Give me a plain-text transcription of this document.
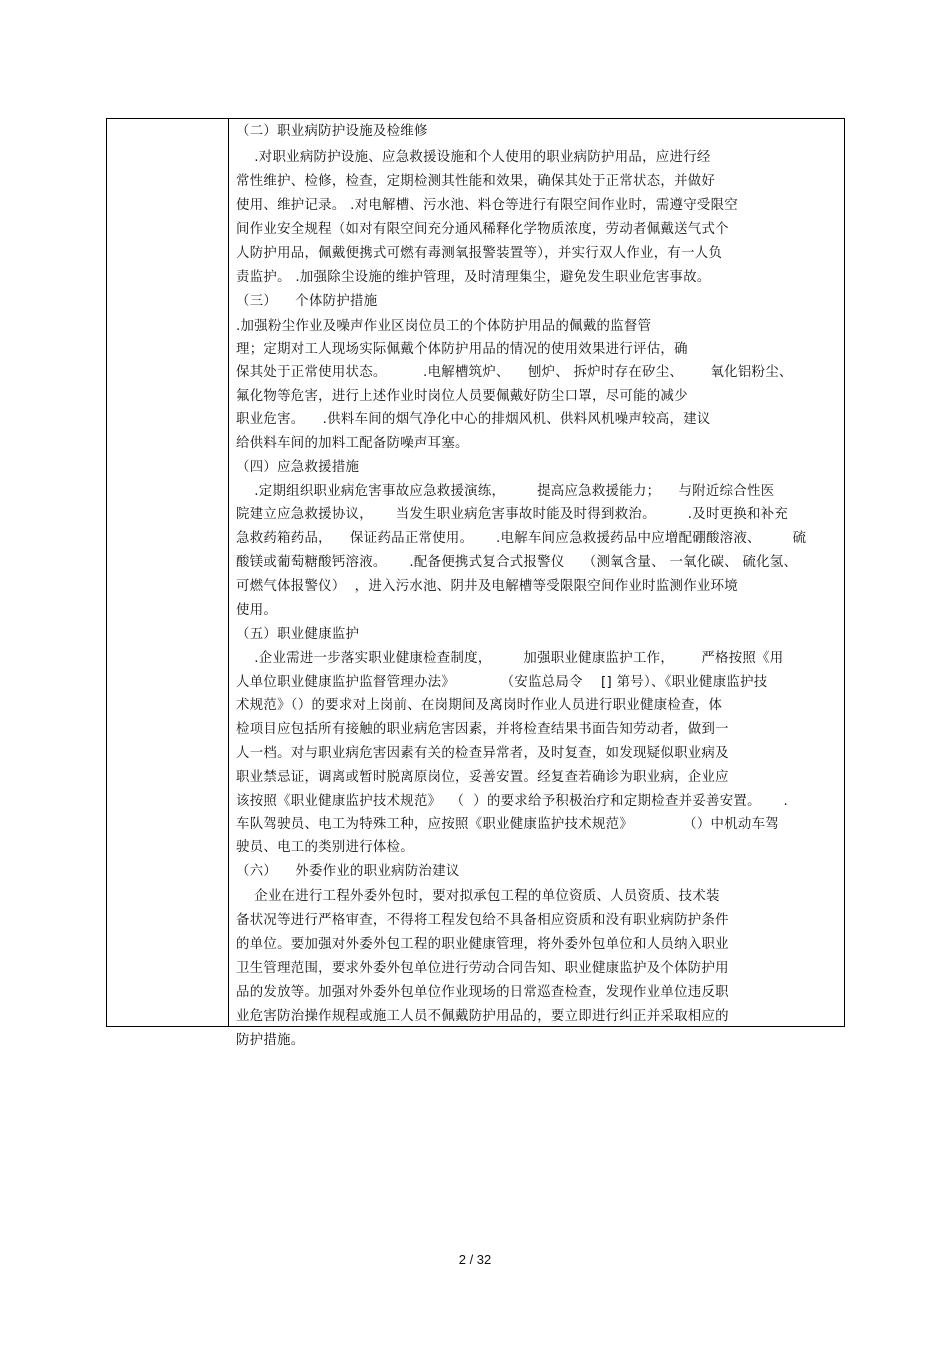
（二）职业病防护设施及检维修
.对职业病防护设施、应急救援设施和个人使用的职业病防护用品，应进行经
常性维护、检修，检查，定期检测其性能和效果，确保其处于正常状态，并做好
使用、维护记录。 .对电解槽、污水池、料仓等进行有限空间作业时，需遵守受限空
间作业安全规程（如对有限空间充分通风稀释化学物质浓度，劳动者佩戴送气式个
人防护用品，佩戴便携式可燃有毒测氧报警装置等），并实行双人作业，有一人负
责监护。 .加强除尘设施的维护管理，及时清理集尘，避免发生职业危害事故。
（三）    个体防护措施
.加强粉尘作业及噪声作业区岗位员工的个体防护用品的佩戴的监督管
理；定期对工人现场实际佩戴个体防护用品的情况的使用效果进行评估，确
保其处于正常使用状态。        .电解槽筑炉、    刨炉、 拆炉时存在矽尘、      氧化铝粉尘、
氟化物等危害，进行上述作业时岗位人员要佩戴好防尘口罩，尽可能的减少
职业危害。    .供料车间的烟气净化中心的排烟风机、供料风机噪声较高，建议
给供料车间的加料工配备防噪声耳塞。
（四）应急救援措施
.定期组织职业病危害事故应急救援演练，       提高应急救援能力；    与附近综合性医
院建立应急救援协议，     当发生职业病危害事故时能及时得到救治。       .及时更换和补充
急救药箱药品，    保证药品正常使用。     .电解车间应急救援药品中应增配硼酸溶液、       硫
酸镁或葡萄糖酸钙溶液。     .配备便携式复合式报警仪    （测氧含量、 一氧化碳、 硫化氢、
可燃气体报警仪）  ，进入污水池、阴井及电解槽等受限限空间作业时监测作业环境
使用。
（五）职业健康监护
.企业需进一步落实职业健康检查制度，       加强职业健康监护工作，      严格按照《用
人单位职业健康监护监督管理办法》          （安监总局令    [] 第号）、《职业健康监护技
术规范》（）的要求对上岗前、在岗期间及离岗时作业人员进行职业健康检查，体
检项目应包括所有接触的职业病危害因素，并将检查结果书面告知劳动者，做到一
人一档。对与职业病危害因素有关的检查异常者，及时复查，如发现疑似职业病及
职业禁忌证，调离或暂时脱离原岗位，妥善安置。经复查若确诊为职业病，企业应
该按照《职业健康监护技术规范》  （  ）的要求给予积极治疗和定期检查并妥善安置。     .
车队驾驶员、电工为特殊工种，应按照《职业健康监护技术规范》           （）中机动车驾
驶员、电工的类别进行体检。
（六）    外委作业的职业病防治建议
企业在进行工程外委外包时，要对拟承包工程的单位资质、人员资质、技术装
备状况等进行严格审查，不得将工程发包给不具备相应资质和没有职业病防护条件
的单位。要加强对外委外包工程的职业健康管理，将外委外包单位和人员纳入职业
卫生管理范围，要求外委外包单位进行劳动合同告知、职业健康监护及个体防护用
品的发放等。加强对外委外包单位作业现场的日常巡查检查，发现作业单位违反职
业危害防治操作规程或施工人员不佩戴防护用品的，要立即进行纠正并采取相应的
防护措施。
2 / 32
